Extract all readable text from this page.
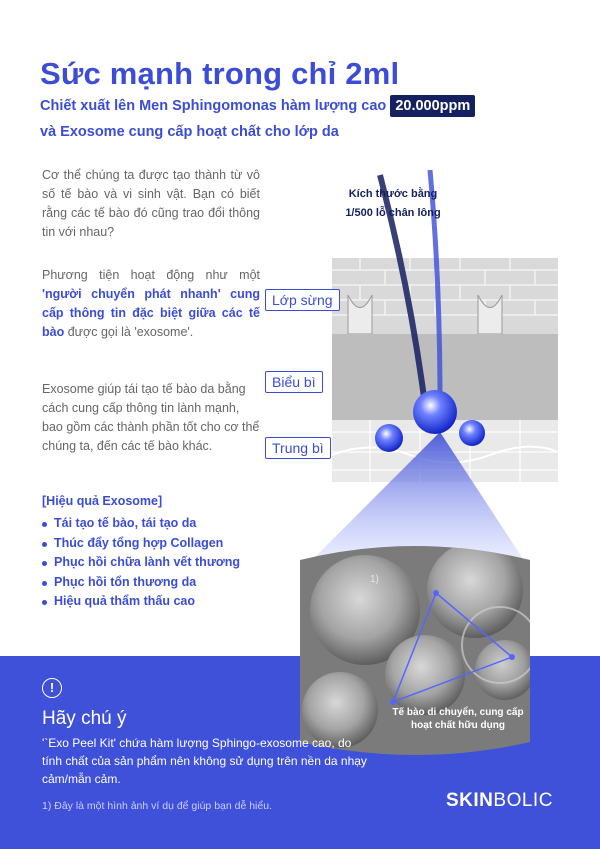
Sức mạnh trong chỉ 2ml
Chiết xuất lên Men Sphingomonas hàm lượng cao 20.000ppm
và Exosome cung cấp hoạt chất cho lớp da
Cơ thể chúng ta được tạo thành từ vô số tế bào và vi sinh vật. Bạn có biết rằng các tế bào đó cũng trao đổi thông tin với nhau?
Phương tiện hoạt động như một 'người chuyển phát nhanh' cung cấp thông tin đặc biệt giữa các tế bào được gọi là 'exosome'.
Exosome giúp tái tạo tế bào da bằng cách cung cấp thông tin lành mạnh, bao gồm các thành phần tốt cho cơ thể chúng ta, đến các tế bào khác.
[Hiệu quả Exosome]
Tái tạo tế bào, tái tạo da
Thúc đẩy tổng hợp Collagen
Phục hồi chữa lành vết thương
Phục hồi tổn thương da
Hiệu quả thẩm thấu cao
Kích thước bằng
1/500 lỗ chân lông
Lớp sừng
Biểu bì
Trung bì
1)
Tế bào di chuyển, cung cấp
hoạt chất hữu dụng
!
Hãy chú ý
'`Exo Peel Kit' chứa hàm lượng Sphingo-exosome cao, do tính chất của sản phẩm nên không sử dụng trên nền da nhạy cảm/mẫn cảm.
1) Đây là một hình ảnh ví dụ để giúp bạn dễ hiểu.	SKINBOLIC
